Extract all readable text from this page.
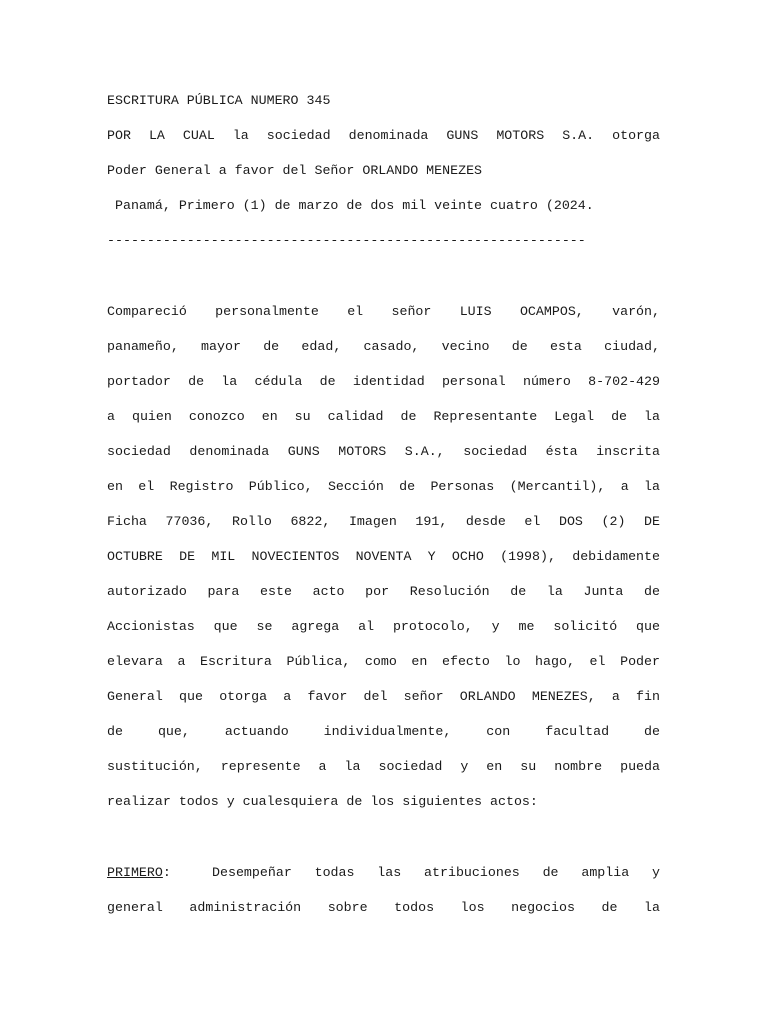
ESCRITURA PÚBLICA NUMERO 345
POR LA CUAL la sociedad denominada GUNS MOTORS S.A. otorga
Poder General a favor del Señor ORLANDO MENEZES
Panamá, Primero (1) de marzo de dos mil veinte cuatro (2024.
------------------------------------------------------------
Compareció personalmente el señor LUIS OCAMPOS, varón,
panameño, mayor de edad, casado, vecino de esta ciudad,
portador de la cédula de identidad personal número 8-702-429
a quien conozco en su calidad de Representante Legal de la
sociedad denominada GUNS MOTORS S.A., sociedad ésta inscrita
en el Registro Público, Sección de Personas (Mercantil), a la
Ficha 77036, Rollo 6822, Imagen 191, desde el DOS (2) DE
OCTUBRE DE MIL NOVECIENTOS NOVENTA Y OCHO (1998), debidamente
autorizado para este acto por Resolución de la Junta de
Accionistas que se agrega al protocolo, y me solicitó que
elevara a Escritura Pública, como en efecto lo hago, el Poder
General que otorga a favor del señor ORLANDO MENEZES, a fin
de que, actuando individualmente, con facultad de
sustitución, represente a la sociedad y en su nombre pueda
realizar todos y cualesquiera de los siguientes actos:
PRIMERO:	Desempeñar todas las atribuciones de amplia y
general administración sobre todos los negocios de la
